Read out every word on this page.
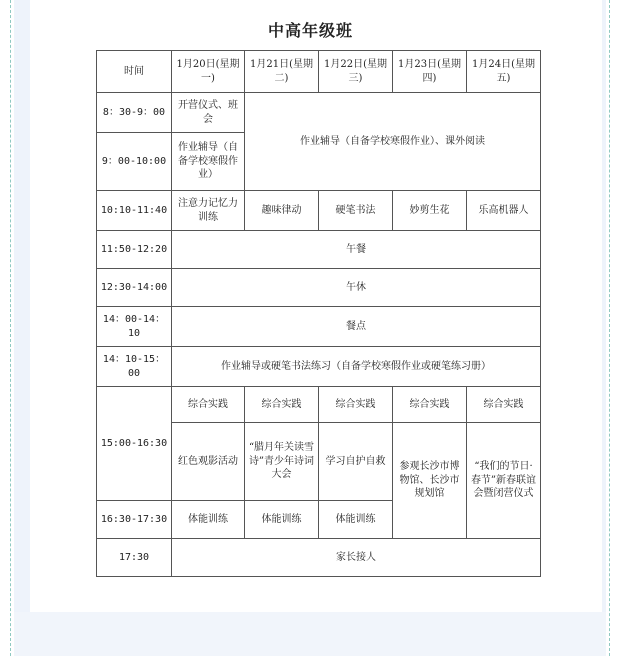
中高年级班
时间	1月20日(星期一)	1月21日(星期二)	1月22日(星期三)	1月23日(星期四)	1月24日(星期五)
8：30-9：00	开营仪式、班会	作业辅导（自备学校寒假作业）、课外阅读			
9：00-10:00	作业辅导（自备学校寒假作业）				
10:10-11:40	注意力记忆力训练	趣味律动	硬笔书法	妙剪生花	乐高机器人
11:50-12:20	午餐				
12:30-14:00	午休				
14：00-14：10	餐点				
14：10-15：00	作业辅导或硬笔书法练习（自备学校寒假作业或硬笔练习册）				
15:00-16:30	综合实践	综合实践	综合实践	综合实践	综合实践
	红色观影活动	“腊月年关读雪诗”青少年诗词大会	学习自护自救	参观长沙市博物馆、长沙市规划馆	“我们的节日·春节”新春联谊会暨闭营仪式
16:30-17:30	体能训练	体能训练	体能训练		
17:30	家长接人				
